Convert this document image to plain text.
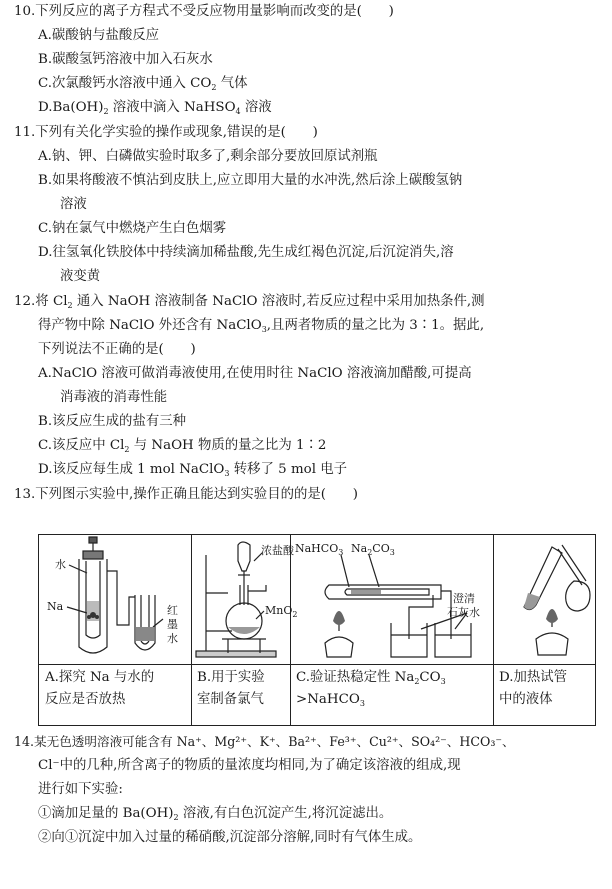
10.下列反应的离子方程式不受反应物用量影响而改变的是(　　)
A.碳酸钠与盐酸反应
B.碳酸氢钙溶液中加入石灰水
C.次氯酸钙水溶液中通入 $CO_2$ 气体
$D.Ba(OH)_2$ 溶液中滴入 NaHSO$_4$ 溶液
11.下列有关化学实验的操作或现象,错误的是(　　)
A.钠、钾、白磷做实验时取多了,剩余部分要放回原试剂瓶
B.如果将酸液不慎沾到皮肤上,应立即用大量的水冲洗,然后涂上碳酸氢钠
溶液
C.钠在氯气中燃烧产生白色烟雾
D.往氢氧化铁胶体中持续滴加稀盐酸,先生成红褐色沉淀,后沉淀消失,溶
液变黄
12.将 $Cl_2$ 通入 NaOH 溶液制备 NaClO 溶液时,若反应过程中采用加热条件,测
得产物中除 NaClO 外还含有 NaClO$_3$,且两者物质的量之比为 3∶1。据此,
下列说法不正确的是(　　)
A.NaClO 溶液可做消毒液使用,在使用时往 NaClO 溶液滴加醋酸,可提高
消毒液的消毒性能
B.该反应生成的盐有三种
C.该反应中 $Cl_2$ 与 NaOH 物质的量之比为 1∶2
D.该反应每生成 1 mol NaClO$_3$ 转移了 5 mol 电子
13.下列图示实验中,操作正确且能达到实验目的的是(　　)
水
Na	红
墨
水
浓盐酸
MnO$_2$
NaHCO$_3$ $Na_2CO_3$
澄清
石灰水
A.探究 Na 与水的
反应是否放热
B.用于实验
室制备氯气
C.验证热稳定性 $Na_2CO_3$
>NaHCO$_3$
D.加热试管
中的液体
14.某无色透明溶液可能含有 Na⁺、Mg²⁺、K⁺、Ba²⁺、Fe³⁺、Cu²⁺、SO₄²⁻、HCO₃⁻、
Cl⁻中的几种,所含离子的物质的量浓度均相同,为了确定该溶液的组成,现
进行如下实验:
①滴加足量的 $Ba(OH)_2$ 溶液,有白色沉淀产生,将沉淀滤出。
②向①沉淀中加入过量的稀硝酸,沉淀部分溶解,同时有气体生成。
